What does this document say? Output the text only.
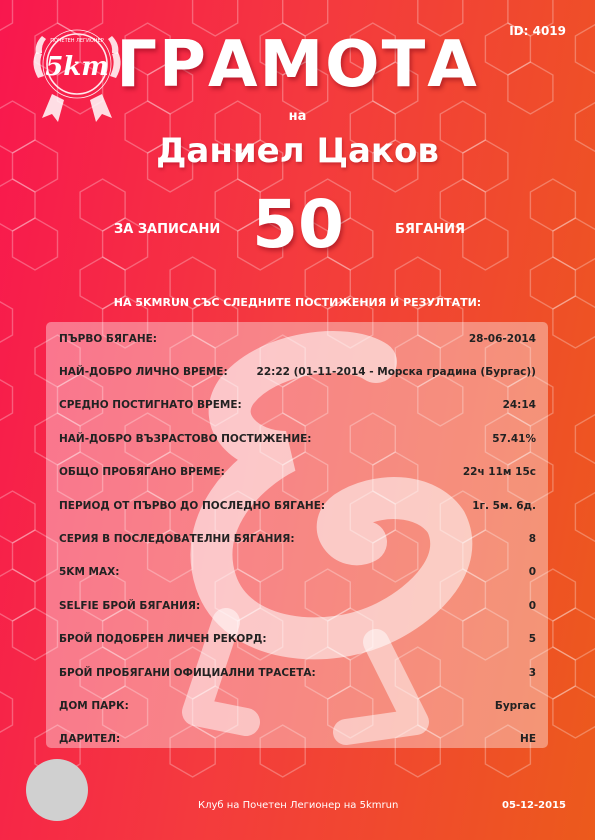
5km
ПОЧЕТЕН ЛЕГИОНЕР
ID: 4019
ГРАМОТА
на
Даниел Цаков
ЗА ЗАПИСАНИ 50	БЯГАНИЯ
НА 5KMRUN СЪС СЛЕДНИТЕ ПОСТИЖЕНИЯ И РЕЗУЛТАТИ:
ПЪРВО БЯГАНЕ:	28-06-2014
НАЙ-ДОБРО ЛИЧНО ВРЕМЕ:	22:22 (01-11-2014 - Морска градина (Бургас))
СРЕДНО ПОСТИГНАТО ВРЕМЕ:	24:14
НАЙ-ДОБРО ВЪЗРАСТОВО ПОСТИЖЕНИЕ:	57.41%
ОБЩО ПРОБЯГАНО ВРЕМЕ:	22ч 11м 15с
ПЕРИОД ОТ ПЪРВО ДО ПОСЛЕДНО БЯГАНЕ:	1г. 5м. 6д.
СЕРИЯ В ПОСЛЕДОВАТЕЛНИ БЯГАНИЯ:	8
5KM MAX:	0
SELFIE БРОЙ БЯГАНИЯ:	0
БРОЙ ПОДОБРЕН ЛИЧЕН РЕКОРД:	5
БРОЙ ПРОБЯГАНИ ОФИЦИАЛНИ ТРАСЕТА:	3
ДОМ ПАРК:	Бургас
ДАРИТЕЛ:	НЕ
Клуб на Почетен Легионер на 5kmrun	05-12-2015
